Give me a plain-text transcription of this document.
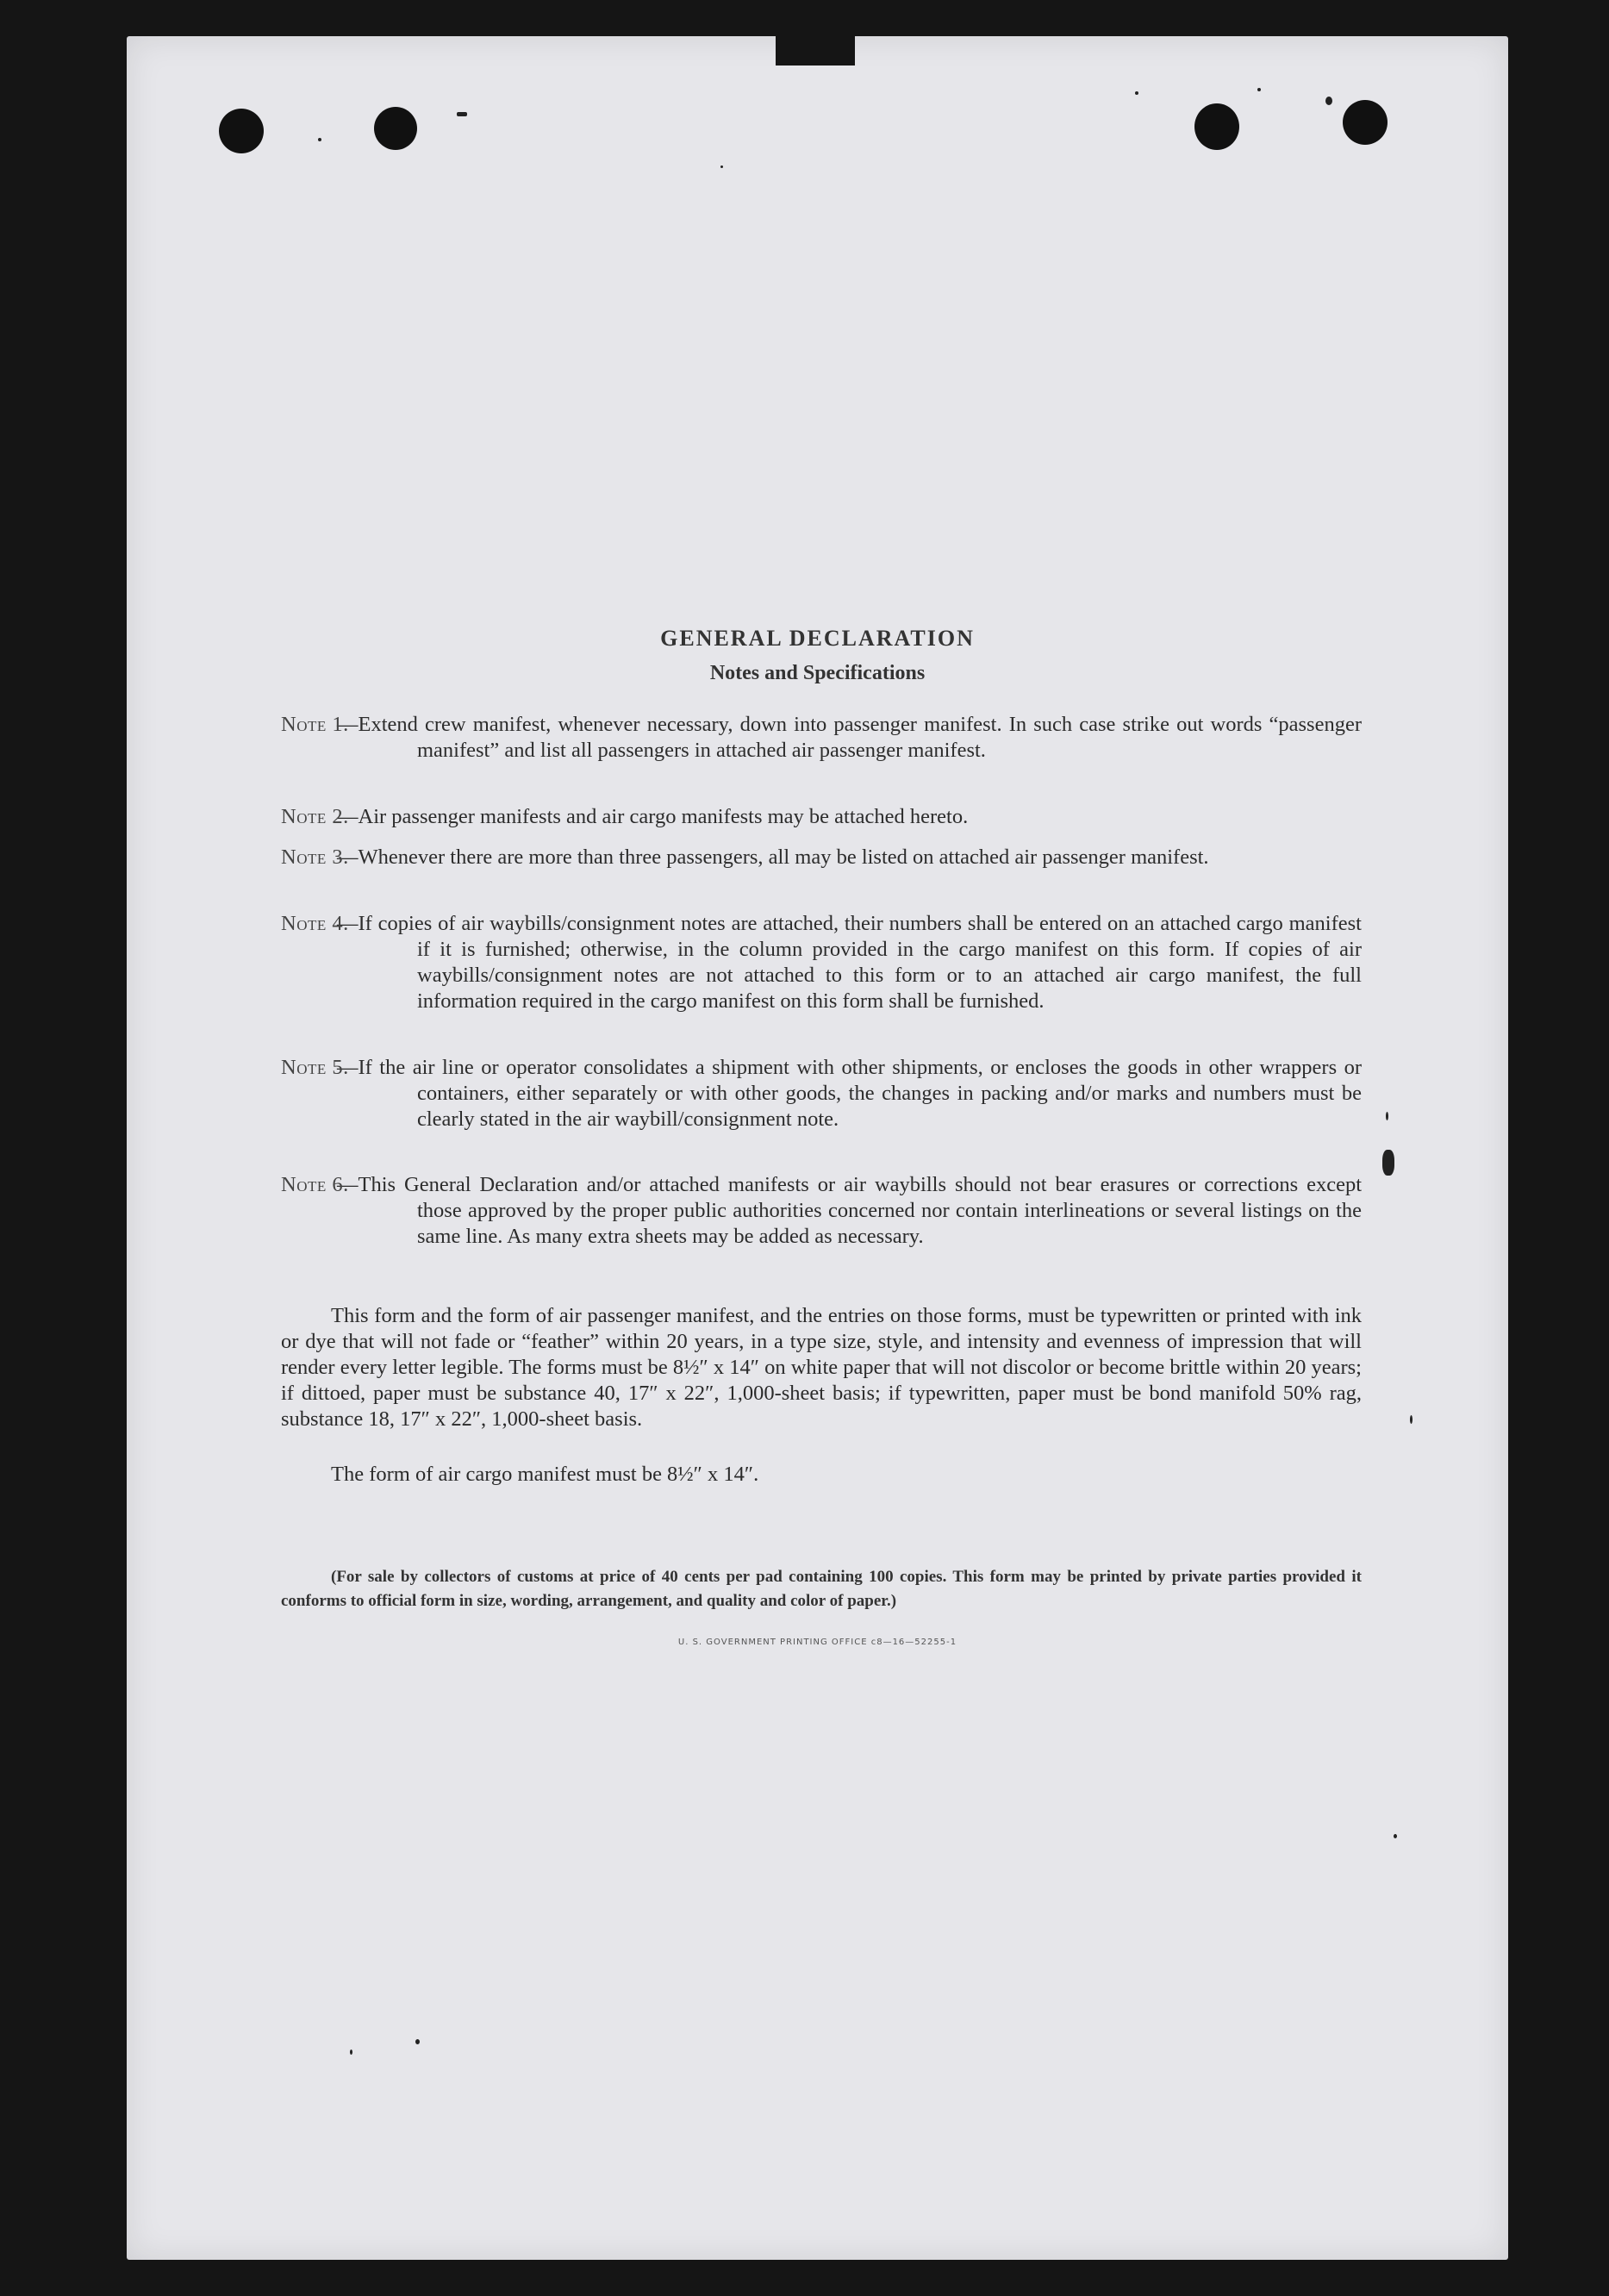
GENERAL DECLARATION
Notes and Specifications
Note 1.
—Extend crew manifest, whenever necessary, down into passenger manifest. In such case strike out words “passenger manifest” and list all passengers in attached air passenger manifest.
Note 2.
—Air passenger manifests and air cargo manifests may be attached hereto.
Note 3.
—Whenever there are more than three passengers, all may be listed on attached air passenger manifest.
Note 4.
—If copies of air waybills/consignment notes are attached, their numbers shall be entered on an attached cargo manifest if it is furnished; otherwise, in the column provided in the cargo manifest on this form. If copies of air waybills/consignment notes are not attached to this form or to an attached air cargo manifest, the full information required in the cargo manifest on this form shall be furnished.
Note 5.
—If the air line or operator consolidates a shipment with other shipments, or encloses the goods in other wrappers or containers, either separately or with other goods, the changes in packing and/or marks and numbers must be clearly stated in the air waybill/consignment note.
Note 6.
—This General Declaration and/or attached manifests or air waybills should not bear erasures or corrections except those approved by the proper public authorities concerned nor contain interlineations or several listings on the same line. As many extra sheets may be added as necessary.
This form and the form of air passenger manifest, and the entries on those forms, must be typewritten or printed with ink or dye that will not fade or “feather” within 20 years, in a type size, style, and intensity and evenness of impression that will render every letter legible. The forms must be 8½″ x 14″ on white paper that will not discolor or become brittle within 20 years; if dittoed, paper must be substance 40, 17″ x 22″, 1,000-sheet basis; if typewritten, paper must be bond manifold 50% rag, substance 18, 17″ x 22″, 1,000-sheet basis.
The form of air cargo manifest must be 8½″ x 14″.
(For sale by collectors of customs at price of 40 cents per pad containing 100 copies. This form may be printed by private parties provided it conforms to official form in size, wording, arrangement, and quality and color of paper.)
U. S. GOVERNMENT PRINTING OFFICE c8—16—52255-1
